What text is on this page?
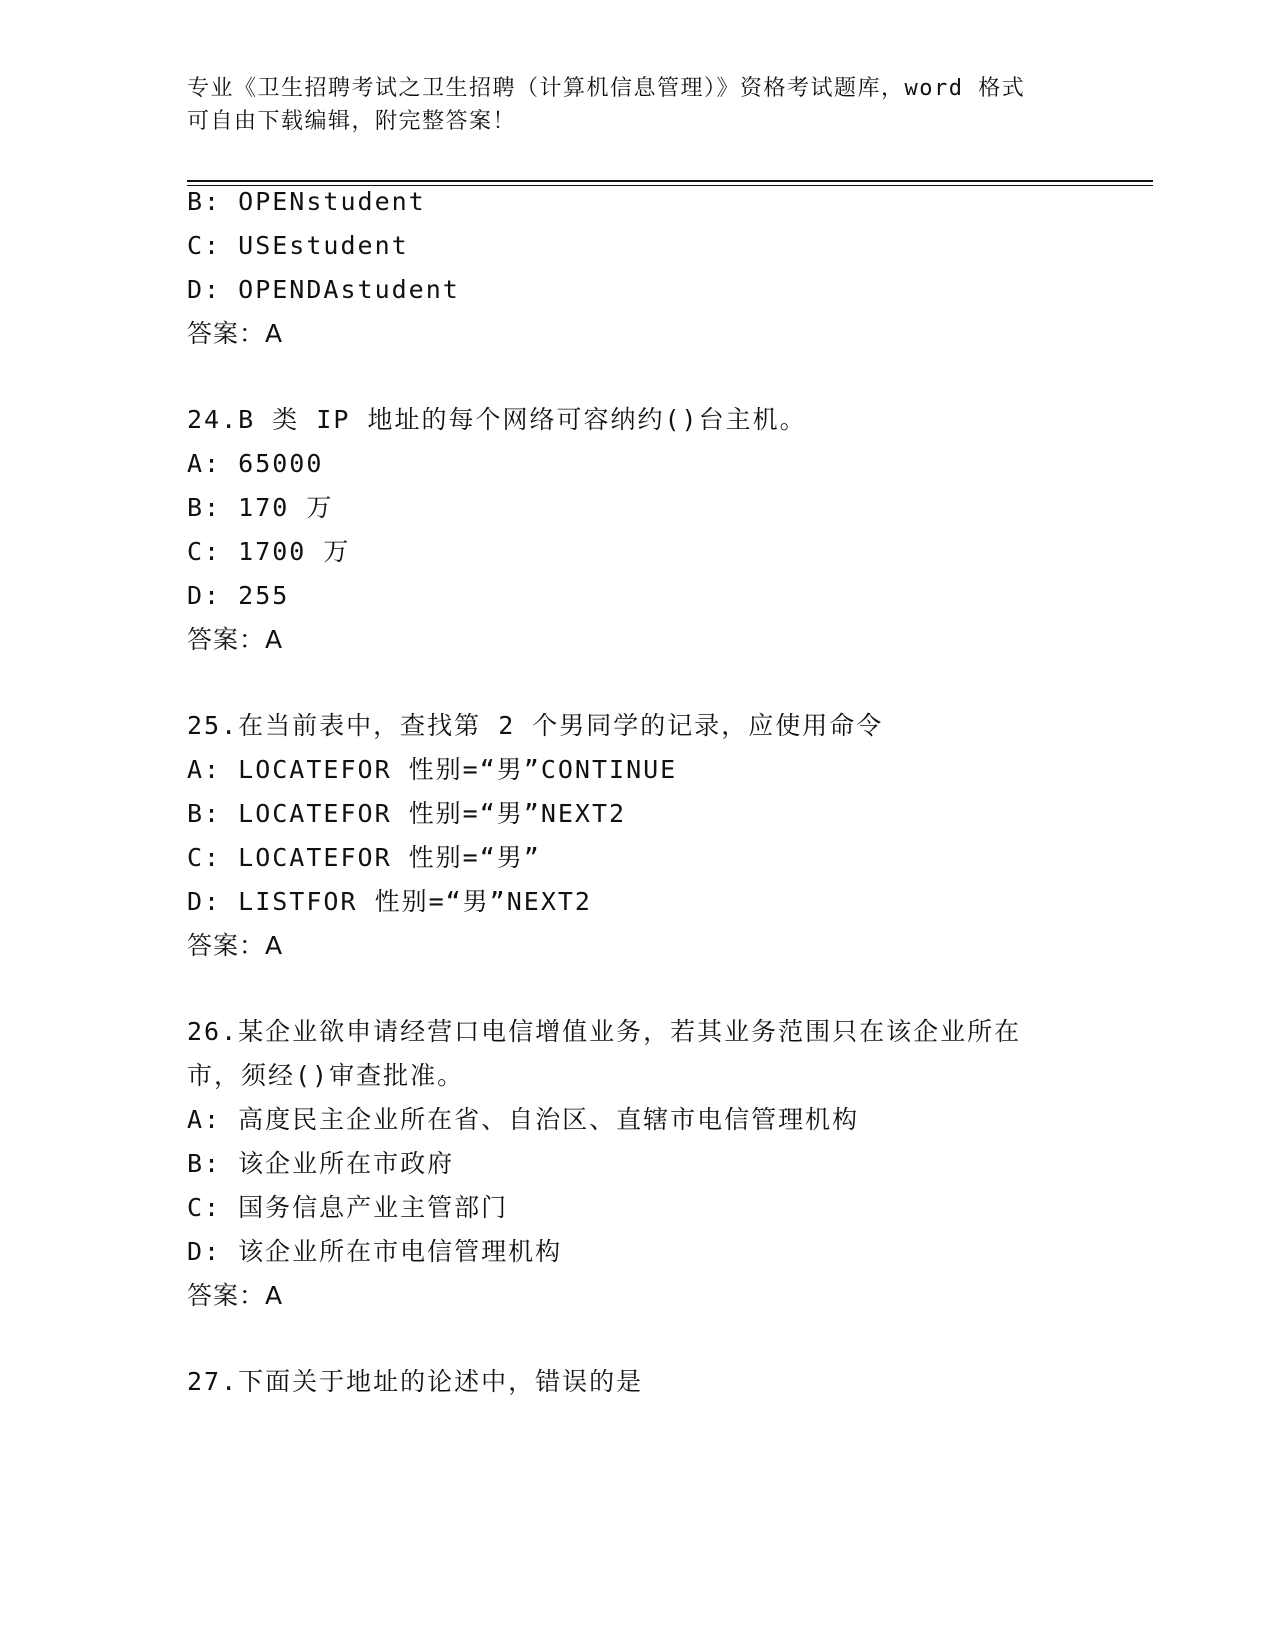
专业《卫生招聘考试之卫生招聘（计算机信息管理）》资格考试题库，word 格式
可自由下载编辑，附完整答案！
B: OPENstudent
C: USEstudent
D: OPENDAstudent
答案：A
24.B 类 IP 地址的每个网络可容纳约()台主机。
A: 65000
B: 170 万
C: 1700 万
D: 255
答案：A
25.在当前表中，查找第 2 个男同学的记录，应使用命令
A: LOCATEFOR 性别=“男”CONTINUE
B: LOCATEFOR 性别=“男”NEXT2
C: LOCATEFOR 性别=“男”
D: LISTFOR 性别=“男”NEXT2
答案：A
26.某企业欲申请经营口电信增值业务，若其业务范围只在该企业所在
市，须经()审查批准。
A: 高度民主企业所在省、自治区、直辖市电信管理机构
B: 该企业所在市政府
C: 国务信息产业主管部门
D: 该企业所在市电信管理机构
答案：A
27.下面关于地址的论述中，错误的是
